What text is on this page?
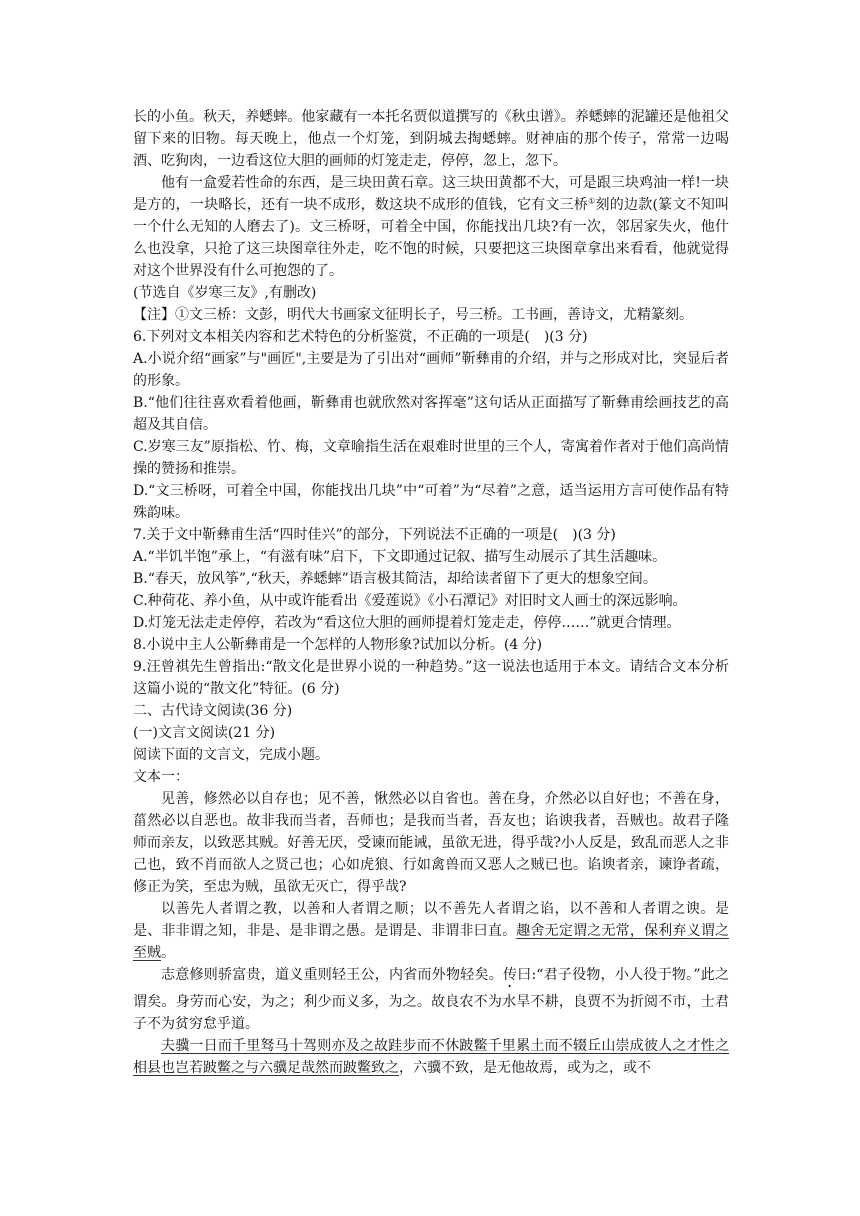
长的小鱼。秋天，养蟋蟀。他家藏有一本托名贾似道撰写的《秋虫谱》。养蟋蟀的泥罐还是他祖父留下来的旧物。每天晚上，他点一个灯笼，到阴城去掏蟋蟀。财神庙的那个传子，常常一边喝酒、吃狗肉，一边看这位大胆的画师的灯笼走走，停停，忽上，忽下。

他有一盒爱若性命的东西，是三块田黄石章。这三块田黄都不大，可是跟三块鸡油一样!一块是方的，一块略长，还有一块不成形，数这块不成形的值钱，它有文三桥①刻的边款(篆文不知叫一个什么无知的人磨去了)。文三桥呀，可着全中国，你能找出几块?有一次，邻居家失火，他什么也没拿，只抢了这三块图章往外走，吃不饱的时候，只要把这三块图章拿出来看看，他就觉得对这个世界没有什么可抱怨的了。

(节选自《岁寒三友》,有删改)

【注】①文三桥：文彭，明代大书画家文征明长子，号三桥。工书画，善诗文，尤精篆刻。

6.下列对文本相关内容和艺术特色的分析鉴赏，不正确的一项是(　)(3 分)

A.小说介绍“画家”与"画匠",主要是为了引出对“画师”靳彝甫的介绍，并与之形成对比，突显后者的形象。

B.“他们往往喜欢看着他画，靳彝甫也就欣然对客挥毫”这句话从正面描写了靳彝甫绘画技艺的高超及其自信。

C.岁寒三友”原指松、竹、梅，文章喻指生活在艰难时世里的三个人，寄寓着作者对于他们高尚情操的赞扬和推崇。

D.“文三桥呀，可着全中国，你能找出几块”中“可着”为“尽着”之意，适当运用方言可使作品有特殊韵味。

7.关于文中靳彝甫生活“四时佳兴”的部分，下列说法不正确的一项是(　)(3 分)

A.“半饥半饱”承上，“有滋有味”启下，下文即通过记叙、描写生动展示了其生活趣味。

B.“春天，放风筝”,“秋天，养蟋蟀”语言极其简洁，却给读者留下了更大的想象空间。

C.种荷花、养小鱼，从中或许能看出《爱莲说》《小石潭记》对旧时文人画士的深远影响。

D.灯笼无法走走停停，若改为“看这位大胆的画师提着灯笼走走，停停……”就更合情理。

8.小说中主人公靳彝甫是一个怎样的人物形象?试加以分析。(4 分)

9.汪曾祺先生曾指出:“散文化是世界小说的一种趋势。”这一说法也适用于本文。请结合文本分析这篇小说的“散文化”特征。(6 分)

二、古代诗文阅读(36 分)

(一)文言文阅读(21 分)

阅读下面的文言文，完成小题。

文本一：

见善，修然必以自存也；见不善，愀然必以自省也。善在身，介然必以自好也；不善在身，菑然必以自恶也。故非我而当者，吾师也；是我而当者，吾友也；谄谀我者，吾贼也。故君子隆师而亲友，以致恶其贼。好善无厌，受谏而能诫，虽欲无进，得乎哉?小人反是，致乱而恶人之非己也，致不肖而欲人之贤己也；心如虎狼、行如禽兽而又恶人之贼已也。谄谀者亲，谏诤者疏，修正为笑，至忠为贼，虽欲无灭亡，得乎哉?

以善先人者谓之教，以善和人者谓之顺；以不善先人者谓之谄，以不善和人者谓之谀。是是、非非谓之知，非是、是非谓之愚。是谓是、非谓非曰直。趣舍无定谓之无常，保利弃义谓之至贼。

志意修则骄富贵，道义重则轻王公，内省而外物轻矣。传曰:“君子役物，小人役于物。”此之谓矣。身劳而心安，为之；利少而义多，为之。故良农不为水旱不耕，良贾不为折阅不市，士君子不为贫穷怠乎道。

夫骥一日而千里驽马十驾则亦及之故跬步而不休跛鳖千里累土而不辍丘山崇成彼人之才性之相县也岂若跛鳖之与六骥足哉然而跛鳖致之，六骥不致，是无他故焉，或为之，或不
